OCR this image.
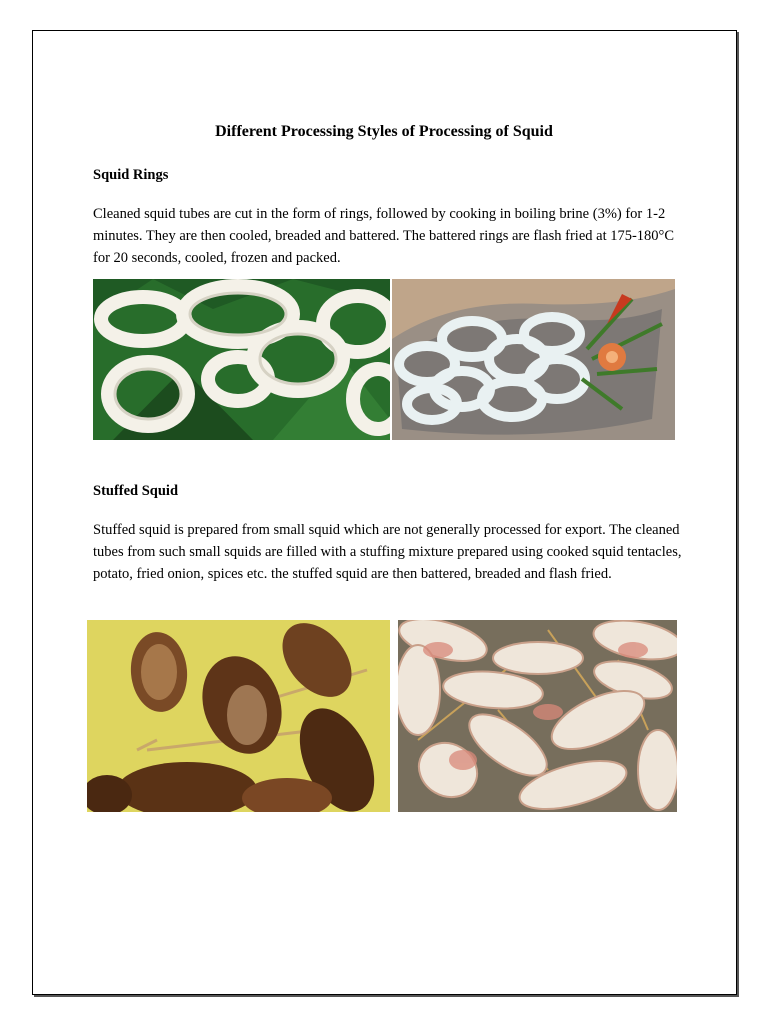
Different Processing Styles of Processing of Squid
Squid Rings
Cleaned squid tubes are cut in the form of rings, followed by cooking in boiling brine (3%) for 1-2 minutes. They are then cooled, breaded and battered. The battered rings are flash fried at 175-180°C for 20 seconds, cooled, frozen and packed.
Stuffed Squid
Stuffed squid is prepared from small squid which are not generally processed for export. The cleaned tubes from such small squids are filled with a stuffing mixture prepared using cooked squid tentacles, potato, fried onion, spices etc. the stuffed squid are then battered, breaded and flash fried.
